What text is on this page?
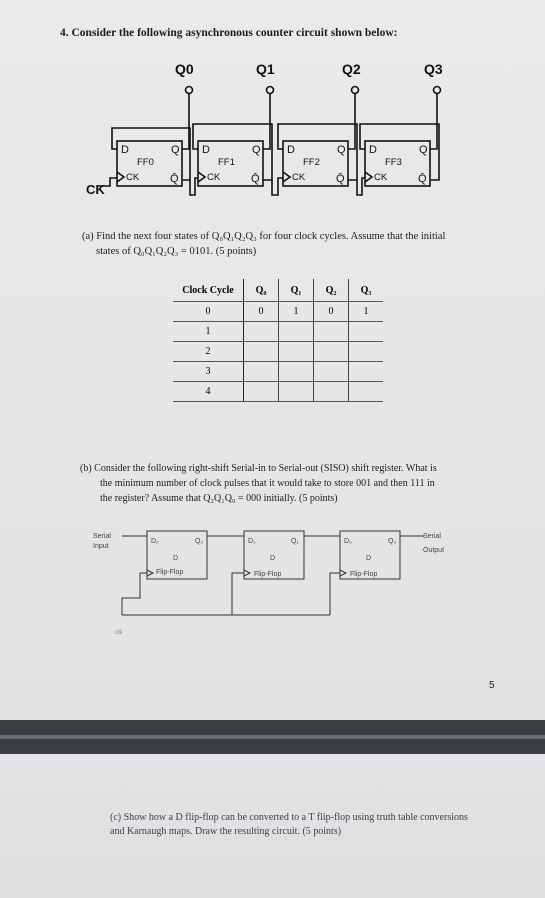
4. Consider the following asynchronous counter circuit shown below:
Q0	Q1	Q2	Q3
D	Q
FF0
CK	Q̄
D	Q
FF1
CK	Q̄
D	Q
FF2
CK	Q̄
D	Q
FF3
CK	Q̄
CK
(a) Find the next four states of Q₀Q₁Q₂Q₃ for four clock cycles. Assume that the initial
states of Q₀Q₁Q₂Q₃ = 0101. (5 points)
Clock Cycle	Q₀	Q₁	Q₂	Q₃
0	0	1	0	1
1				
2				
3				
4				
(b) Consider the following right-shift Serial-in to Serial-out (SISO) shift register. What is
the minimum number of clock pulses that it would take to store 001 and then 111 in
the register? Assume that Q₂Q₁Q₀ = 000 initially. (5 points)
Serial
Input
Serial
Output
D₂	Q₂
D
Flip-Flop
D₁	Q₁
D
Flip-Flop
D₀	Q₀
D
Flip-Flop
clk
5
(c) Show how a D flip-flop can be converted to a T flip-flop using truth table conversions
and Karnaugh maps. Draw the resulting circuit. (5 points)
